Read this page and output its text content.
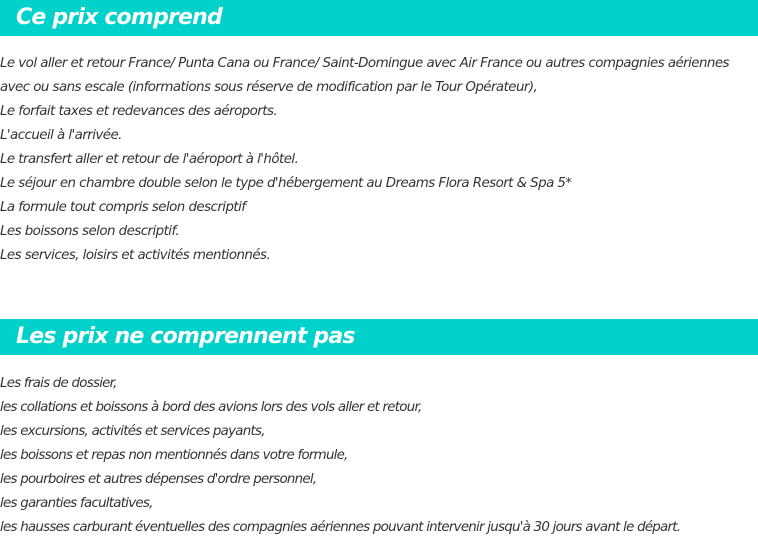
Ce prix comprend
Le vol aller et retour France/ Punta Cana ou France/ Saint-Domingue avec Air France ou autres compagnies aériennes
avec ou sans escale (informations sous réserve de modification par le Tour Opérateur),
Le forfait taxes et redevances des aéroports.
L'accueil à l'arrivée.
Le transfert aller et retour de l'aéroport à l'hôtel.
Le séjour en chambre double selon le type d'hébergement au Dreams Flora Resort & Spa 5*
La formule tout compris selon descriptif
Les boissons selon descriptif.
Les services, loisirs et activités mentionnés.
Les prix ne comprennent pas
Les frais de dossier,
les collations et boissons à bord des avions lors des vols aller et retour,
les excursions, activités et services payants,
les boissons et repas non mentionnés dans votre formule,
les pourboires et autres dépenses d'ordre personnel,
les garanties facultatives,
les hausses carburant éventuelles des compagnies aériennes pouvant intervenir jusqu'à 30 jours avant le départ.
